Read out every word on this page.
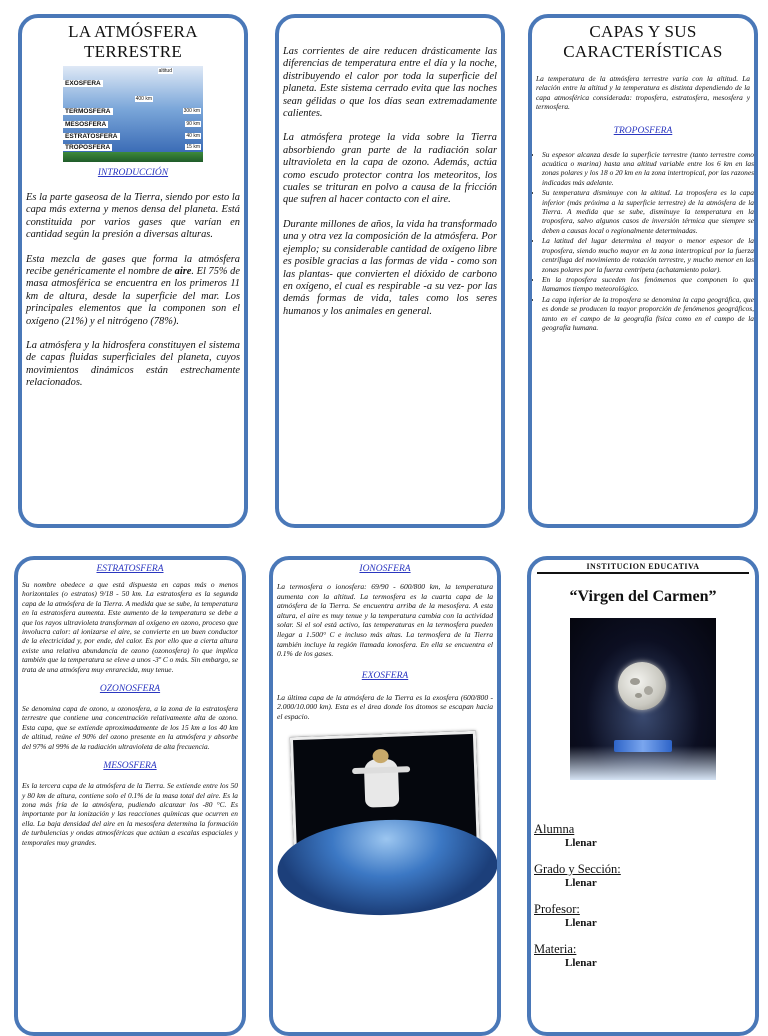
LA ATMÓSFERA
TERRESTRE
altitud
EXOSFERA
400 km
TERMOSFERA	300 km
MESOSFERA	90 km
ESTRATOSFERA	40 km
TROPOSFERA	15 km
INTRODUCCIÓN

Es la parte gaseosa de la Tierra, siendo por esto la capa más externa y menos densa del planeta. Está constituida por varios gases que varían en cantidad según la presión a diversas alturas.

Esta mezcla de gases que forma la atmósfera recibe genéricamente el nombre de aire. El 75% de masa atmosférica se encuentra en los primeros 11 km de altura, desde la superficie del mar. Los principales elementos que la componen son el oxígeno (21%) y el nitrógeno (78%).

La atmósfera y la hidrosfera constituyen el sistema de capas fluidas superficiales del planeta, cuyos movimientos dinámicos están estrechamente relacionados.

Las corrientes de aire reducen drásticamente las diferencias de temperatura entre el día y la noche, distribuyendo el calor por toda la superficie del planeta. Este sistema cerrado evita que las noches sean gélidas o que los días sean extremadamente calientes.

La atmósfera protege la vida sobre la Tierra absorbiendo gran parte de la radiación solar ultravioleta en la capa de ozono. Además, actúa como escudo protector contra los meteoritos, los cuales se trituran en polvo a causa de la fricción que sufren al hacer contacto con el aire.

Durante millones de años, la vida ha transformado una y otra vez la composición de la atmósfera. Por ejemplo; su considerable cantidad de oxígeno libre es posible gracias a las formas de vida - como son las plantas- que convierten el dióxido de carbono en oxígeno, el cual es respirable -a su vez- por las demás formas de vida, tales como los seres humanos y los animales en general.

CAPAS Y SUS
CARACTERÍSTICAS

La temperatura de la atmósfera terrestre varía con la altitud. La relación entre la altitud y la temperatura es distinta dependiendo de la capa atmosférica considerada: troposfera, estratosfera, mesosfera y termosfera.

TROPOSFERA
• Su espesor alcanza desde la superficie terrestre (tanto terrestre como acuática o marina) hasta una altitud variable entre los 6 km en las zonas polares y los 18 o 20 km en la zona intertropical, por las razones indicadas más adelante.
• Su temperatura disminuye con la altitud. La troposfera es la capa inferior (más próxima a la superficie terrestre) de la atmósfera de la Tierra. A medida que se sube, disminuye la temperatura en la troposfera, salvo algunos casos de inversión térmica que siempre se deben a causas local o regionalmente determinadas.
• La latitud del lugar determina el mayor o menor espesor de la troposfera, siendo mucho mayor en la zona intertropical por la fuerza centrífuga del movimiento de rotación terrestre, y mucho menor en las zonas polares por la fuerza centrípeta (achatamiento polar).
• En la troposfera suceden los fenómenos que componen lo que llamamos tiempo meteorológico.
• La capa inferior de la troposfera se denomina la capa geográfica, que es donde se producen la mayor proporción de fenómenos geográficos, tanto en el campo de la geografía física como en el campo de la geografía humana.
ESTRATOSFERA

Su nombre obedece a que está dispuesta en capas más o menos horizontales (o estratos) 9/18 - 50 km. La estratosfera es la segunda capa de la atmósfera de la Tierra. A medida que se sube, la temperatura en la estratosfera aumenta. Este aumento de la temperatura se debe a que los rayos ultravioleta transforman al oxígeno en ozono, proceso que involucra calor: al ionizarse el aire, se convierte en un buen conductor de la electricidad y, por ende, del calor. Es por ello que a cierta altura existe una relativa abundancia de ozono (ozonosfera) lo que implica también que la temperatura se eleve a unos -3º C o más. Sin embargo, se trata de una atmósfera muy enrarecida, muy tenue.

OZONOSFERA

Se denomina capa de ozono, u ozonosfera, a la zona de la estratosfera terrestre que contiene una concentración relativamente alta de ozono. Esta capa, que se extiende aproximadamente de los 15 km a los 40 km de altitud, reúne el 90% del ozono presente en la atmósfera y absorbe del 97% al 99% de la radiación ultravioleta de alta frecuencia.

MESOSFERA

Es la tercera capa de la atmósfera de la Tierra. Se extiende entre los 50 y 80 km de altura, contiene solo el 0.1% de la masa total del aire. Es la zona más fría de la atmósfera, pudiendo alcanzar los -80 °C. Es importante por la ionización y las reacciones químicas que ocurren en ella. La baja densidad del aire en la mesosfera determina la formación de turbulencias y ondas atmosféricas que actúan a escalas espaciales y temporales muy grandes.

IONOSFERA

La termosfera o ionosfera: 69/90 - 600/800 km, la temperatura aumenta con la altitud. La termosfera es la cuarta capa de la atmósfera de la Tierra. Se encuentra arriba de la mesosfera. A esta altura, el aire es muy tenue y la temperatura cambia con la actividad solar. Si el sol está activo, las temperaturas en la termosfera pueden llegar a 1.500° C e incluso más altas. La termosfera de la Tierra también incluye la región llamada ionosfera. En ella se encuentra el 0.1% de los gases.

EXOSFERA

La última capa de la atmósfera de la Tierra es la exosfera (600/800 - 2.000/10.000 km). Esta es el área donde los átomos se escapan hacia el espacio.

INSTITUCION EDUCATIVA
“Virgen del Carmen”
Alumna
Llenar
Grado y Sección:
Llenar
Profesor:
Llenar
Materia:
Llenar
